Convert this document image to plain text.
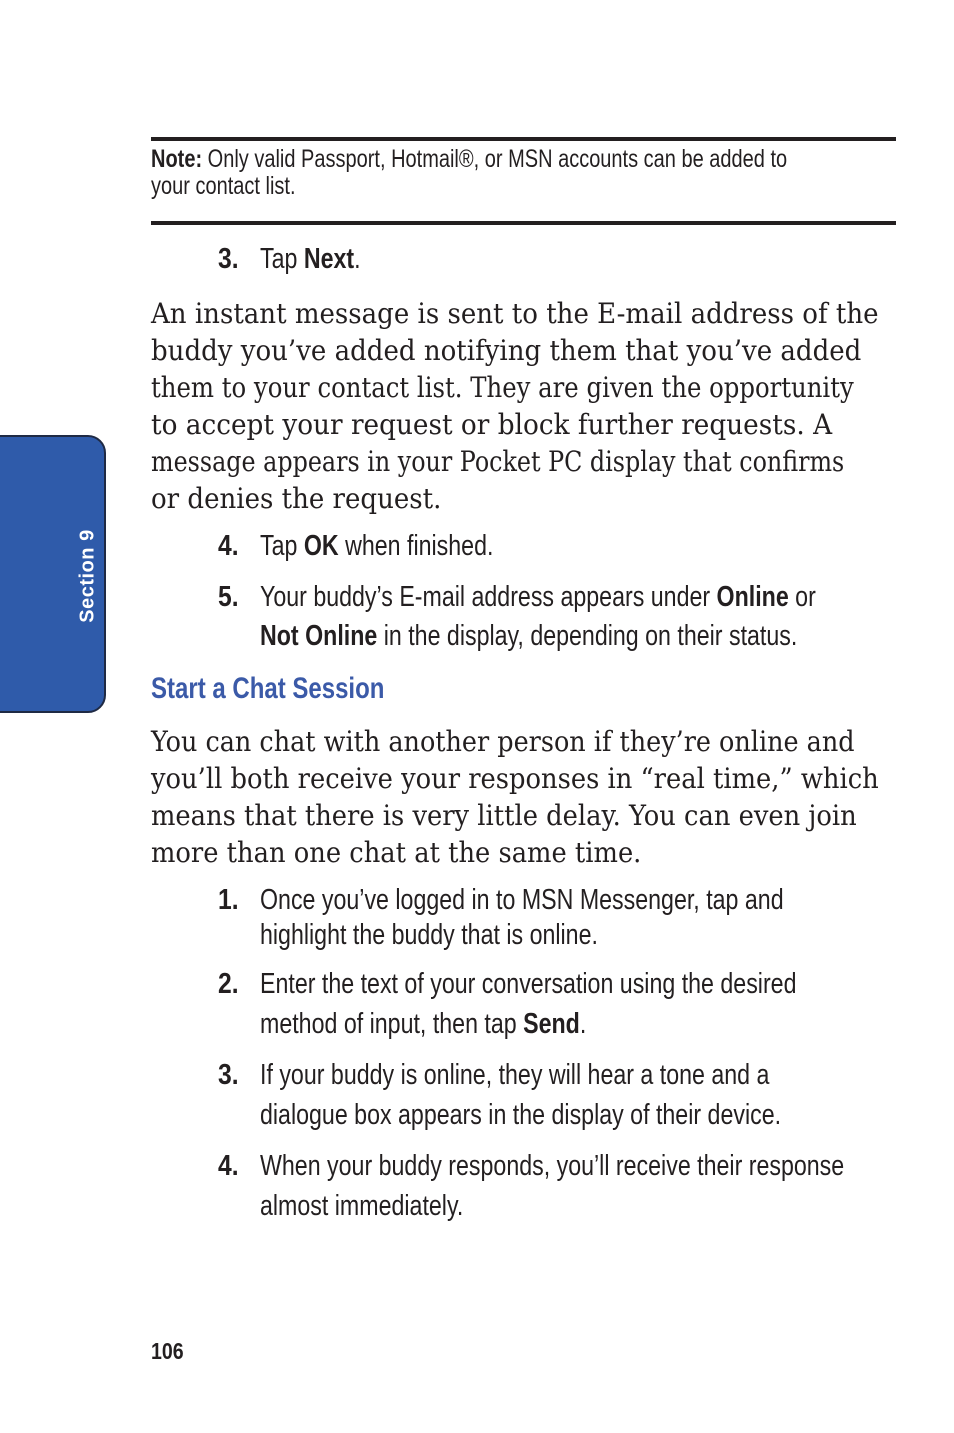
Section 9
Note: Only valid Passport, Hotmail®, or MSN accounts can be added to
your contact list.
3. Tap Next.
An instant message is sent to the E-mail address of the
buddy you’ve added notifying them that you’ve added
them to your contact list. They are given the opportunity
to accept your request or block further requests. A
message appears in your Pocket PC display that confirms
or denies the request.
4. Tap OK when finished.
5. Your buddy’s E-mail address appears under Online or
Not Online in the display, depending on their status.
Start a Chat Session
You can chat with another person if they’re online and
you’ll both receive your responses in “real time,” which
means that there is very little delay. You can even join
more than one chat at the same time.
1. Once you’ve logged in to MSN Messenger, tap and
highlight the buddy that is online.
2. Enter the text of your conversation using the desired
method of input, then tap Send.
3. If your buddy is online, they will hear a tone and a
dialogue box appears in the display of their device.
4. When your buddy responds, you’ll receive their response
almost immediately.
106
